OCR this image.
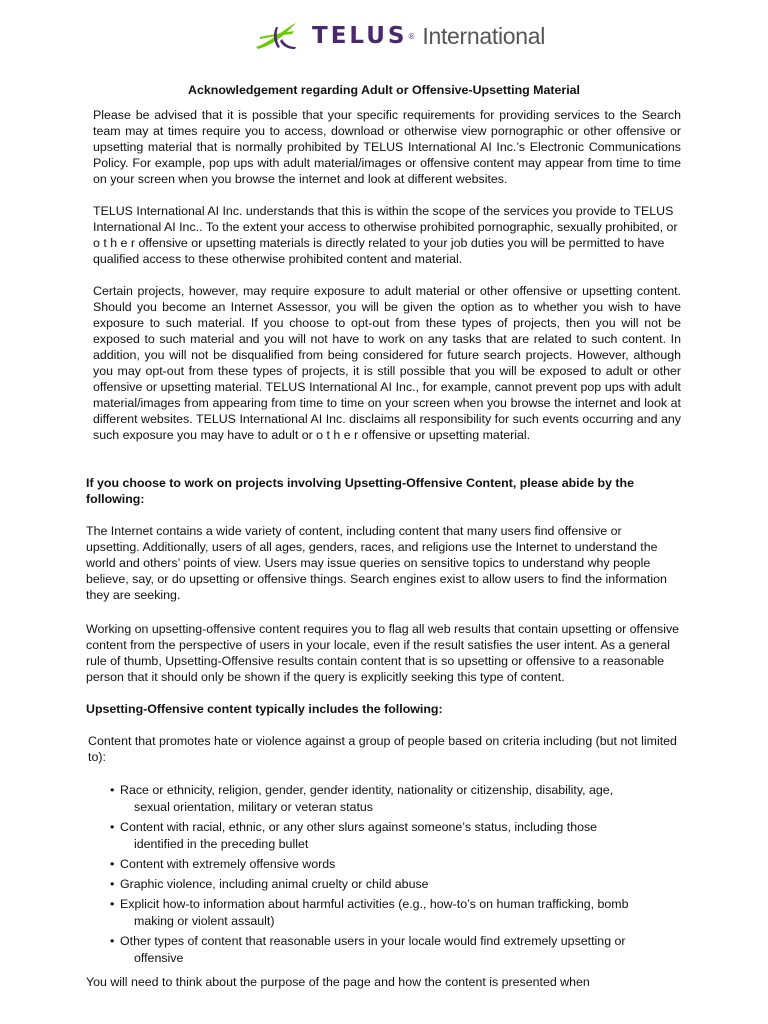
TELUS ® International
Acknowledgement regarding Adult or Offensive-Upsetting Material

Please be advised that it is possible that your specific requirements for providing services to the Search team may at times require you to access, download or otherwise view pornographic or other offensive or upsetting material that is normally prohibited by TELUS International AI Inc.’s Electronic Communications Policy. For example, pop ups with adult material/images or offensive content may appear from time to time on your screen when you browse the internet and look at different websites.

TELUS International AI Inc. understands that this is within the scope of the services you provide to TELUS International AI Inc.. To the extent your access to otherwise prohibited pornographic, sexually prohibited, or o t h e r offensive or upsetting materials is directly related to your job duties you will be permitted to have qualified access to these otherwise prohibited content and material.

Certain projects, however, may require exposure to adult material or other offensive or upsetting content. Should you become an Internet Assessor, you will be given the option as to whether you wish to have exposure to such material. If you choose to opt-out from these types of projects, then you will not be exposed to such material and you will not have to work on any tasks that are related to such content. In addition, you will not be disqualified from being considered for future search projects. However, although you may opt-out from these types of projects, it is still possible that you will be exposed to adult or other offensive or upsetting material. TELUS International AI Inc., for example, cannot prevent pop ups with adult material/images from appearing from time to time on your screen when you browse the internet and look at different websites. TELUS International AI Inc. disclaims all responsibility for such events occurring and any such exposure you may have to adult or o t h e r offensive or upsetting material.

If you choose to work on projects involving Upsetting-Offensive Content, please abide by the following:

The Internet contains a wide variety of content, including content that many users find offensive or upsetting. Additionally, users of all ages, genders, races, and religions use the Internet to understand the world and others’ points of view. Users may issue queries on sensitive topics to understand why people believe, say, or do upsetting or offensive things. Search engines exist to allow users to find the information they are seeking.

Working on upsetting-offensive content requires you to flag all web results that contain upsetting or offensive content from the perspective of users in your locale, even if the result satisfies the user intent. As a general rule of thumb, Upsetting-Offensive results contain content that is so upsetting or offensive to a reasonable person that it should only be shown if the query is explicitly seeking this type of content.

Upsetting-Offensive content typically includes the following:

Content that promotes hate or violence against a group of people based on criteria including (but not limited to):

• Race or ethnicity, religion, gender, gender identity, nationality or citizenship, disability, age,
sexual orientation, military or veteran status
• Content with racial, ethnic, or any other slurs against someone’s status, including those
identified in the preceding bullet
• Content with extremely offensive words
• Graphic violence, including animal cruelty or child abuse
• Explicit how-to information about harmful activities (e.g., how-to’s on human trafficking, bomb
making or violent assault)
• Other types of content that reasonable users in your locale would find extremely upsetting or
offensive

You will need to think about the purpose of the page and how the content is presented when
